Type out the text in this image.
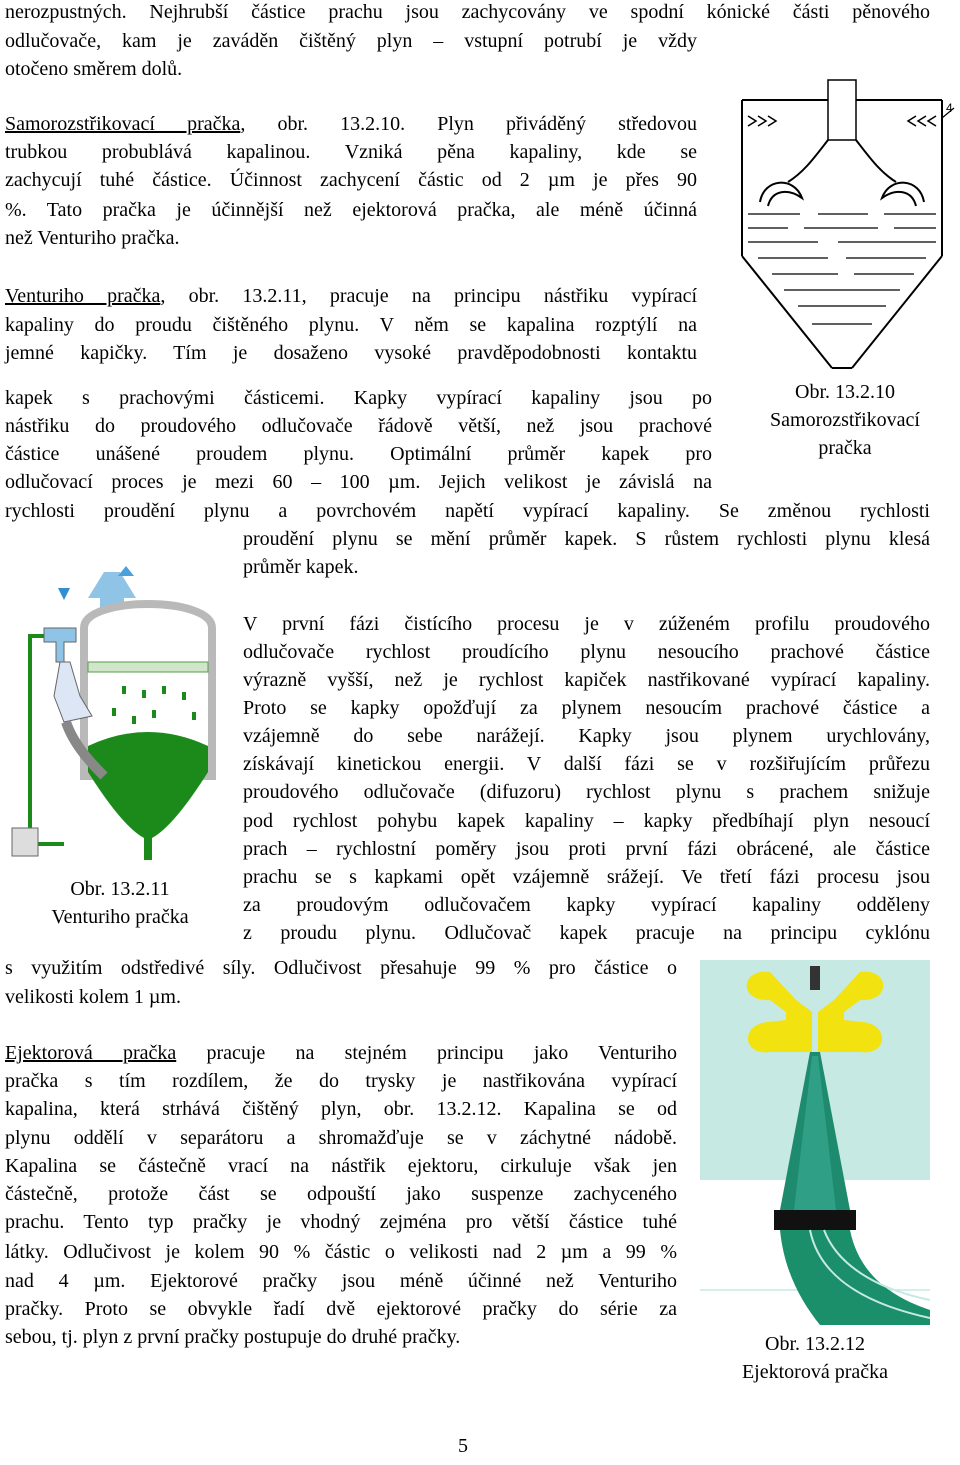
nerozpustných. Nejhrubší částice prachu jsou zachycovány ve spodní kónické části pěnového
odlučovače, kam je zaváděn čištěný plyn – vstupní potrubí je vždy
otočeno směrem dolů.
Samorozstřikovací pračka, obr. 13.2.10. Plyn přiváděný středovou
trubkou probublává kapalinou. Vzniká pěna kapaliny, kde se
zachycují tuhé částice. Účinnost zachycení částic od 2 µm je přes 90
%. Tato pračka je účinnější než ejektorová pračka, ale méně účinná
než Venturiho pračka.
4
Obr. 13.2.10
Samorozstřikovací
pračka
Venturiho pračka, obr. 13.2.11, pracuje na principu nástřiku vypírací
kapaliny do proudu čištěného plynu. V něm se kapalina rozptýlí na
jemné kapičky. Tím je dosaženo vysoké pravděpodobnosti kontaktu
kapek s prachovými částicemi. Kapky vypírací kapaliny jsou po
nástřiku do proudového odlučovače řádově větší, než jsou prachové
částice unášené proudem plynu. Optimální průměr kapek pro
odlučovací proces je mezi 60 – 100 µm. Jejich velikost je závislá na
rychlosti proudění plynu a povrchovém napětí vypírací kapaliny. Se změnou rychlosti
proudění plynu se mění průměr kapek. S růstem rychlosti plynu klesá
průměr kapek.
V první fázi čistícího procesu je v zúženém profilu proudového
odlučovače rychlost proudícího plynu nesoucího prachové částice
výrazně vyšší, než je rychlost kapiček nastřikované vypírací kapaliny.
Proto se kapky opožďují za plynem nesoucím prachové částice a
vzájemně do sebe narážejí. Kapky jsou plynem urychlovány,
získávají kinetickou energii. V další fázi se v rozšiřujícím průřezu
proudového odlučovače (difuzoru) rychlost plynu s prachem snižuje
pod rychlost pohybu kapek kapaliny – kapky předbíhají plyn nesoucí
prach – rychlostní poměry jsou proti první fázi obrácené, ale částice
prachu se s kapkami opět vzájemně srážejí. Ve třetí fázi procesu jsou
za proudovým odlučovačem kapky vypírací kapaliny odděleny
z proudu plynu. Odlučovač kapek pracuje na principu cyklónu
s využitím odstředivé síly. Odlučivost přesahuje 99 % pro částice o
velikosti kolem 1 µm.
Obr. 13.2.11
Venturiho pračka
Ejektorová pračka pracuje na stejném principu jako Venturiho
pračka s tím rozdílem, že do trysky je nastřikována vypírací
kapalina, která strhává čištěný plyn, obr. 13.2.12. Kapalina se od
plynu oddělí v separátoru a shromažďuje se v záchytné nádobě.
Kapalina se částečně vrací na nástřik ejektoru, cirkuluje však jen
částečně, protože část se odpouští jako suspenze zachyceného
prachu. Tento typ pračky je vhodný zejména pro větší částice tuhé
látky. Odlučivost je kolem 90 % částic o velikosti nad 2 µm a 99 %
nad 4 µm. Ejektorové pračky jsou méně účinné než Venturiho
pračky. Proto se obvykle řadí dvě ejektorové pračky do série za
sebou, tj. plyn z první pračky postupuje do druhé pračky.	Obr. 13.2.12
Ejektorová pračka
5
